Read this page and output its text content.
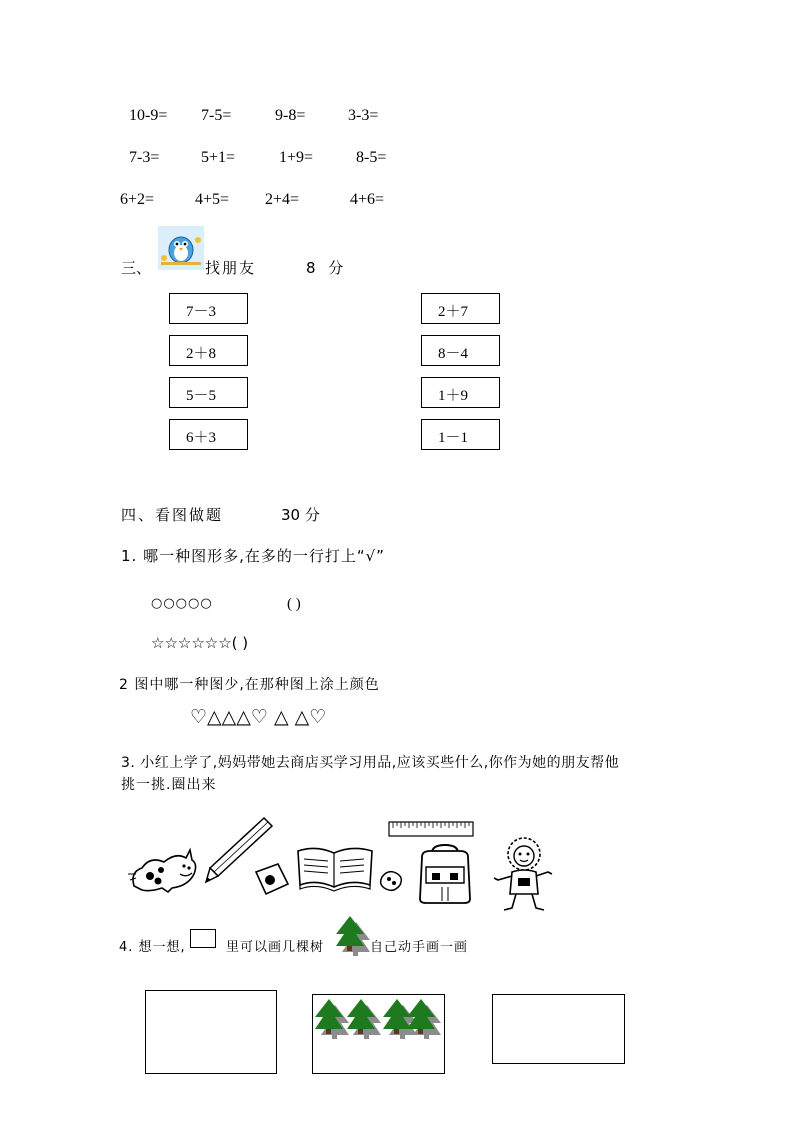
10-9= 7-5=	9-8=	3-3=
7-3=	5+1=	1+9=	8-5=
6+2=	4+5= 2+4=	4+6=
三、	找朋友	8 分
7－3
2＋8
5－5
6＋3
2＋7
8－4
1＋9
1－1
四、看图做题	30 分
1. 哪一种图形多,在多的一行打上“√”
○○○○○	( )
☆☆☆☆☆☆( )
2 图中哪一种图少,在那种图上涂上颜色
♡△△△♡ △ △♡
3. 小红上学了,妈妈带她去商店买学习用品,应该买些什么,你作为她的朋友帮他
挑一挑.圈出来
4. 想一想,	里可以画几棵树	自己动手画一画
